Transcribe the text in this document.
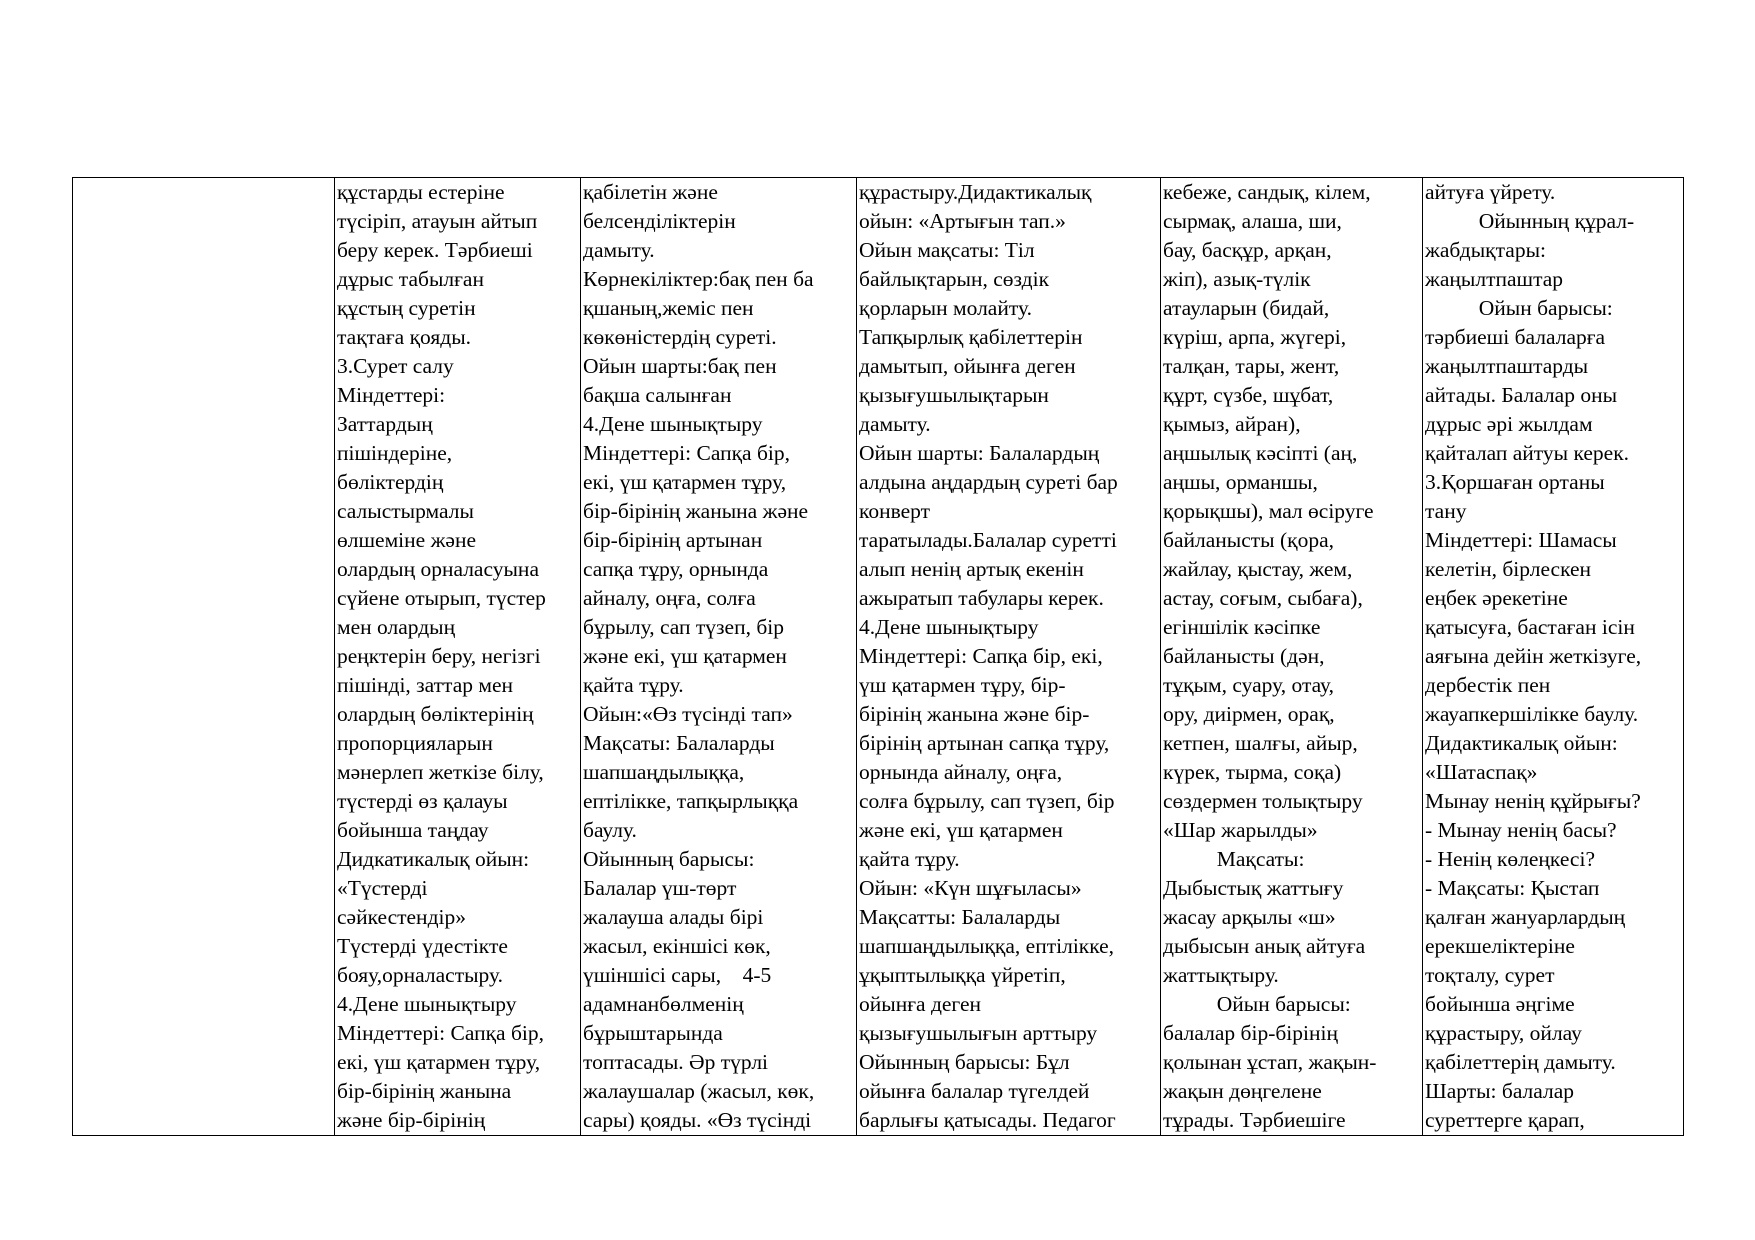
құстарды естеріне
түсіріп, атауын айтып
беру керек. Тәрбиеші
дұрыс табылған
құстың суретін
тақтаға қояды.
3.Сурет салу
Міндеттері:
Заттардың
пішіндеріне,
бөліктердің
салыстырмалы
өлшеміне және
олардың орналасуына
сүйене отырып, түстер
мен олардың
реңктерін беру, негізгі
пішінді, заттар мен
олардың бөліктерінің
пропорцияларын
мәнерлеп жеткізе білу,
түстерді өз қалауы
бойынша таңдау
Дидкатикалық ойын:
«Түстерді
сәйкестендір»
Түстерді үдестікте
бояу,орналастыру.
4.Дене шынықтыру
Міндеттері: Сапқа бір,
екі, үш қатармен тұру,
бір-бірінің жанына
және бір-бірінің

қабілетін және
белсенділіктерін
дамыту.
Көрнекіліктер:бақ пен ба
қшаның,жеміс пен
көкөністердің суреті.
Ойын шарты:бақ пен
бақша салынған
4.Дене шынықтыру
Міндеттері: Сапқа бір,
екі, үш қатармен тұру,
бір-бірінің жанына және
бір-бірінің артынан
сапқа тұру, орнында
айналу, оңға, солға
бұрылу, сап түзеп, бір
және екі, үш қатармен
қайта тұру.
Ойын:«Өз түсінді тап»
Мақсаты: Балаларды
шапшаңдылыққа,
ептілікке, тапқырлыққа
баулу.
Ойынның барысы:
Балалар үш-төрт
жалауша алады бірі
жасыл, екіншісі көк,
үшіншісі сары,    4-5
адамнанбөлменің
бұрыштарында
топтасады. Әр түрлі
жалаушалар (жасыл, көк,
сары) қояды. «Өз түсінді

құрастыру.Дидактикалық
ойын: «Артығын тап.»
Ойын мақсаты: Тіл
байлықтарын, сөздік
қорларын молайту.
Тапқырлық қабілеттерін
дамытып, ойынға деген
қызығушылықтарын
дамыту.
Ойын шарты: Балалардың
алдына аңдардың суреті бар
конверт
таратылады.Балалар суретті
алып ненің артық екенін
ажыратып табулары керек.
4.Дене шынықтыру
Міндеттері: Сапқа бір, екі,
үш қатармен тұру, бір-
бірінің жанына және бір-
бірінің артынан сапқа тұру,
орнында айналу, оңға,
солға бұрылу, сап түзеп, бір
және екі, үш қатармен
қайта тұру.
Ойын: «Күн шұғыласы»
Мақсатты: Балаларды
шапшаңдылыққа, ептілікке,
ұқыптылыққа үйретіп,
ойынға деген
қызығушылығын арттыру
Ойынның барысы: Бұл
ойынға балалар түгелдей
барлығы қатысады. Педагог

кебеже, сандық, кілем,
сырмақ, алаша, ши,
бау, басқұр, арқан,
жіп), азық-түлік
атауларын (бидай,
күріш, арпа, жүгері,
талқан, тары, жент,
құрт, сүзбе, шұбат,
қымыз, айран),
аңшылық кәсіпті (аң,
аңшы, орманшы,
қорықшы), мал өсіруге
байланысты (қора,
жайлау, қыстау, жем,
астау, соғым, сыбаға),
егіншілік кәсіпке
байланысты (дән,
тұқым, суару, отау,
ору, диірмен, орақ,
кетпен, шалғы, айыр,
күрек, тырма, соқа)
сөздермен толықтыру
«Шар жарылды»
Мақсаты:
Дыбыстық жаттығу
жасау арқылы «ш»
дыбысын анық айтуға
жаттықтыру.
Ойын барысы:
балалар бір-бірінің
қолынан ұстап, жақын-
жақын дөңгелене
тұрады. Тәрбиешіге

айтуға үйрету.
Ойынның құрал-
жабдықтары:
жаңылтпаштар
Ойын барысы:
тәрбиеші балаларға
жаңылтпаштарды
айтады. Балалар оны
дұрыс әрі жылдам
қайталап айтуы керек.
3.Қоршаған ортаны
тану
Міндеттері: Шамасы
келетін, бірлескен
еңбек әрекетіне
қатысуға, бастаған ісін
аяғына дейін жеткізуге,
дербестік пен
жауапкершілікке баулу.
Дидактикалық ойын:
«Шатаспақ»
Мынау ненің құйрығы?
- Мынау ненің басы?
- Ненің көлеңкесі?
- Мақсаты: Қыстап
қалған жануарлардың
ерекшеліктеріне
тоқталу, сурет
бойынша әңгіме
құрастыру, ойлау
қабілеттерің дамыту.
Шарты: балалар
суреттерге қарап,
